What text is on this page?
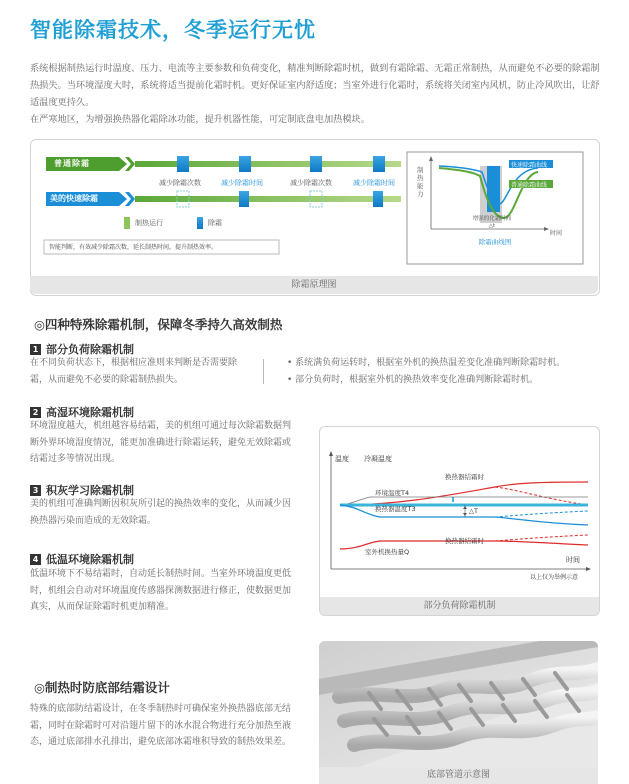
智能除霜技术，冬季运行无忧

系统根据制热运行时温度、压力、电流等主要参数和负荷变化，精准判断除霜时机，做到有霜除霜、无霜正常制热，从而避免不必要的除霜制热损失。当环境湿度大时，系统将适当提前化霜时机。更好保证室内舒适度；当室外进行化霜时，系统将关闭室内风机，防止冷风吹出，让舒适温度更持久。

在严寒地区，为增强换热器化霜除冰功能，提升机器性能，可定制底盘电加热模块。

普通除霜
美的快速除霜
减少除霜次数	减少除霜时间	减少除霜次数	减少除霜时间
制热运行	除霜
智能判断，有效减少除霜次数，延长制热时间，提升制热效率。
制热能力
时间
快速除霜曲线
普通除霜曲线
增强的化霜时间△t
除霜曲线图
除霜原理图
◎四种特殊除霜机制，保障冬季持久高效制热
1 部分负荷除霜机制
在不同负荷状态下，根据相应准则来判断是否需要除霜，从而避免不必要的除霜制热损失。
• 系统满负荷运转时，根据室外机的换热温差变化准确判断除霜时机。
• 部分负荷时，根据室外机的换热效率变化准确判断除霜时机。
2 高湿环境除霜机制
环境湿度越大，机组越容易结霜，美的机组可通过每次除霜数据判断外界环境湿度情况，能更加准确进行除霜运转，避免无效除霜或结霜过多等情况出现。
3 积灰学习除霜机制
美的机组可准确判断因积灰所引起的换热效率的变化，从而减少因换热器污染而造成的无效除霜。
4 低温环境除霜机制
低温环境下不易结霜时，自动延长制热时间。当室外环境温度更低时，机组会自动对环境温度传感器探测数据进行修正，使数据更加真实，从而保证除霜时机更加精准。
温度 冷凝温度
换热器结霜时
环境温度T4
换热器温度T3	△T
换热器结霜时
室外机换热量Q
时间
以上仅为举例示意
部分负荷除霜机制
◎制热时防底部结霜设计
特殊的底部防结霜设计，在冬季制热时可确保室外换热器底部无结霜，同时在除霜时可对沿翅片留下的冰水混合物进行充分加热至液态，通过底部排水孔排出，避免底部冰霜堆积导致的制热效果差。
底部管道示意图
